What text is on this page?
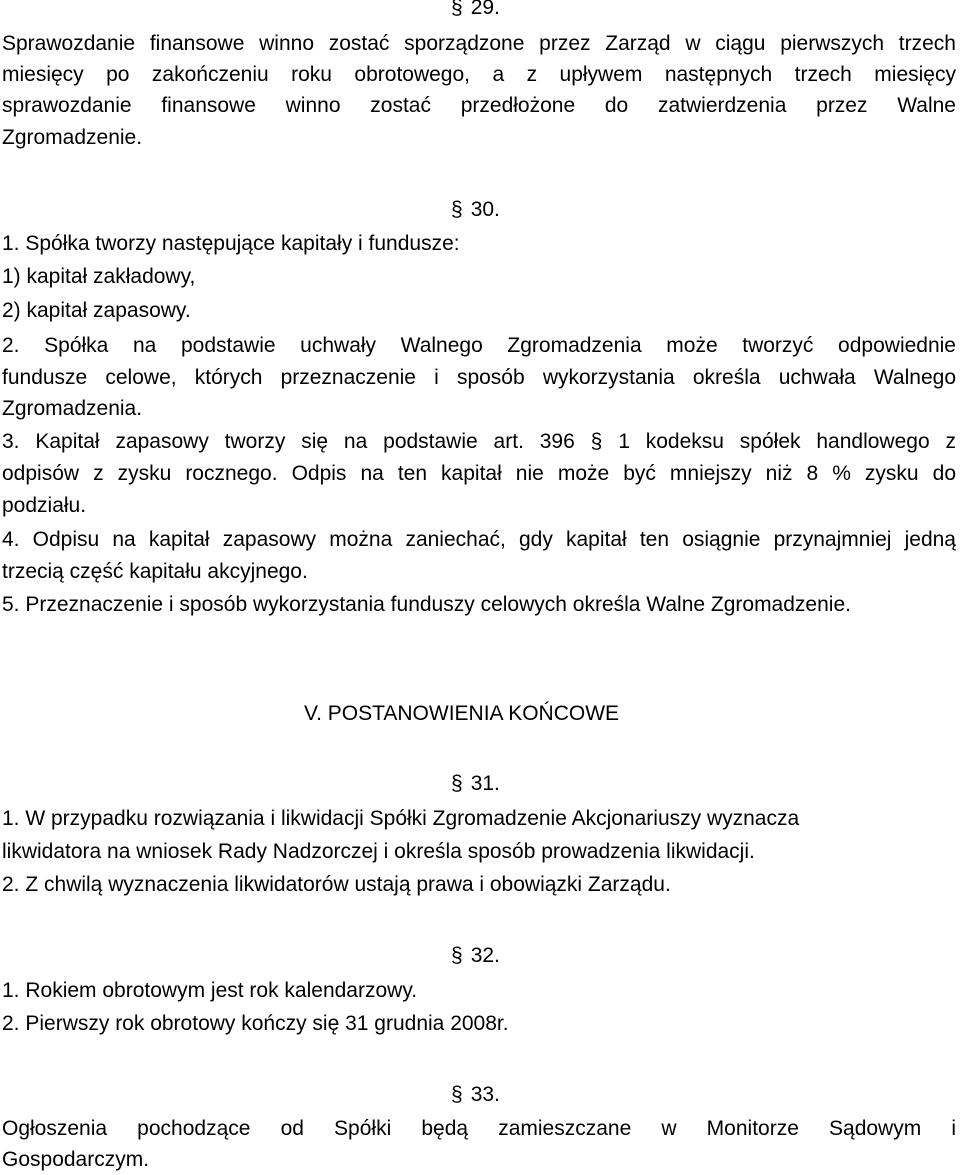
§ 29.
Sprawozdanie finansowe winno zostać sporządzone przez Zarząd w ciągu pierwszych trzech
miesięcy po zakończeniu roku obrotowego, a z upływem następnych trzech miesięcy
sprawozdanie finansowe winno zostać przedłożone do zatwierdzenia przez Walne
Zgromadzenie.
§ 30.
1. Spółka tworzy następujące kapitały i fundusze:
1) kapitał zakładowy,
2) kapitał zapasowy.
2. Spółka na podstawie uchwały Walnego Zgromadzenia może tworzyć odpowiednie
fundusze celowe, których przeznaczenie i sposób wykorzystania określa uchwała Walnego
Zgromadzenia.
3. Kapitał zapasowy tworzy się na podstawie art. 396 § 1 kodeksu spółek handlowego z
odpisów z zysku rocznego. Odpis na ten kapitał nie może być mniejszy niż 8 % zysku do
podziału.
4. Odpisu na kapitał zapasowy można zaniechać, gdy kapitał ten osiągnie przynajmniej jedną
trzecią część kapitału akcyjnego.
5. Przeznaczenie i sposób wykorzystania funduszy celowych określa Walne Zgromadzenie.
V. POSTANOWIENIA KOŃCOWE
§ 31.
1. W przypadku rozwiązania i likwidacji Spółki Zgromadzenie Akcjonariuszy wyznacza
likwidatora na wniosek Rady Nadzorczej i określa sposób prowadzenia likwidacji.
2. Z chwilą wyznaczenia likwidatorów ustają prawa i obowiązki Zarządu.
§ 32.
1. Rokiem obrotowym jest rok kalendarzowy.
2. Pierwszy rok obrotowy kończy się 31 grudnia 2008r.
§ 33.
Ogłoszenia pochodzące od Spółki będą zamieszczane w Monitorze Sądowym i
Gospodarczym.
